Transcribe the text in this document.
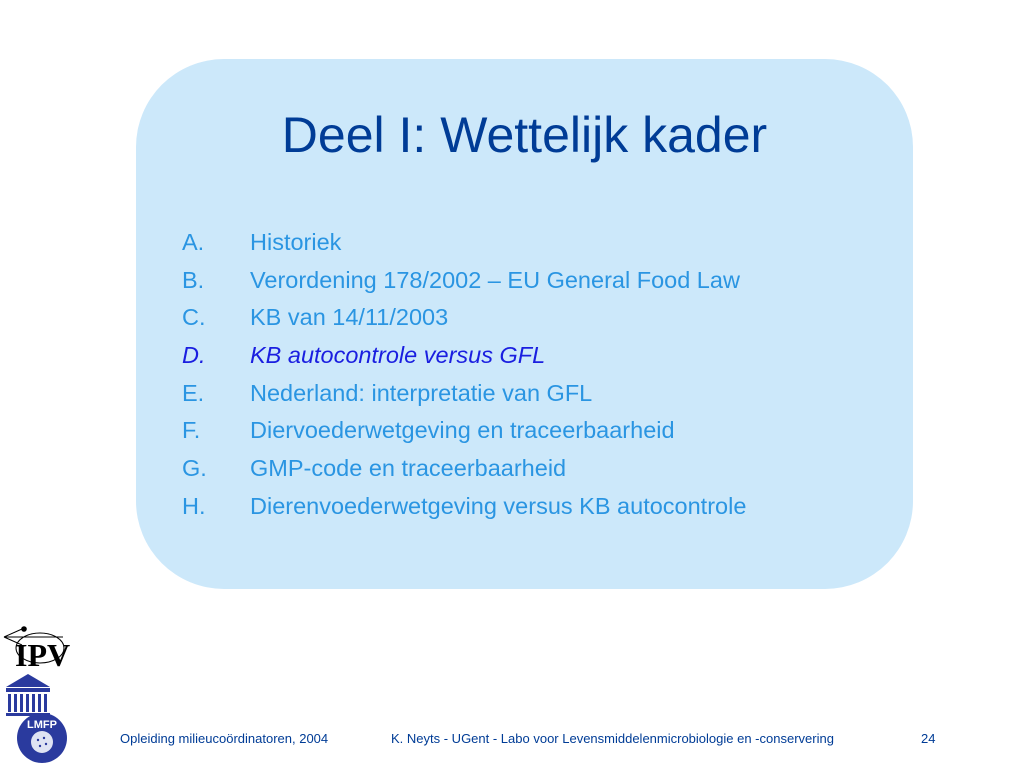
Deel I: Wettelijk kader
A.	Historiek
B.	Verordening 178/2002 – EU General Food Law
C.	KB van 14/11/2003
D.	KB autocontrole versus GFL
E.	Nederland: interpretatie van GFL
F.	Diervoederwetgeving en traceerbaarheid
G.	GMP-code en traceerbaarheid
H.	Dierenvoederwetgeving versus KB autocontrole
IPV
LMFP
Opleiding milieucoördinatoren, 2004	K. Neyts - UGent - Labo voor Levensmiddelenmicrobiologie en -conservering	24
